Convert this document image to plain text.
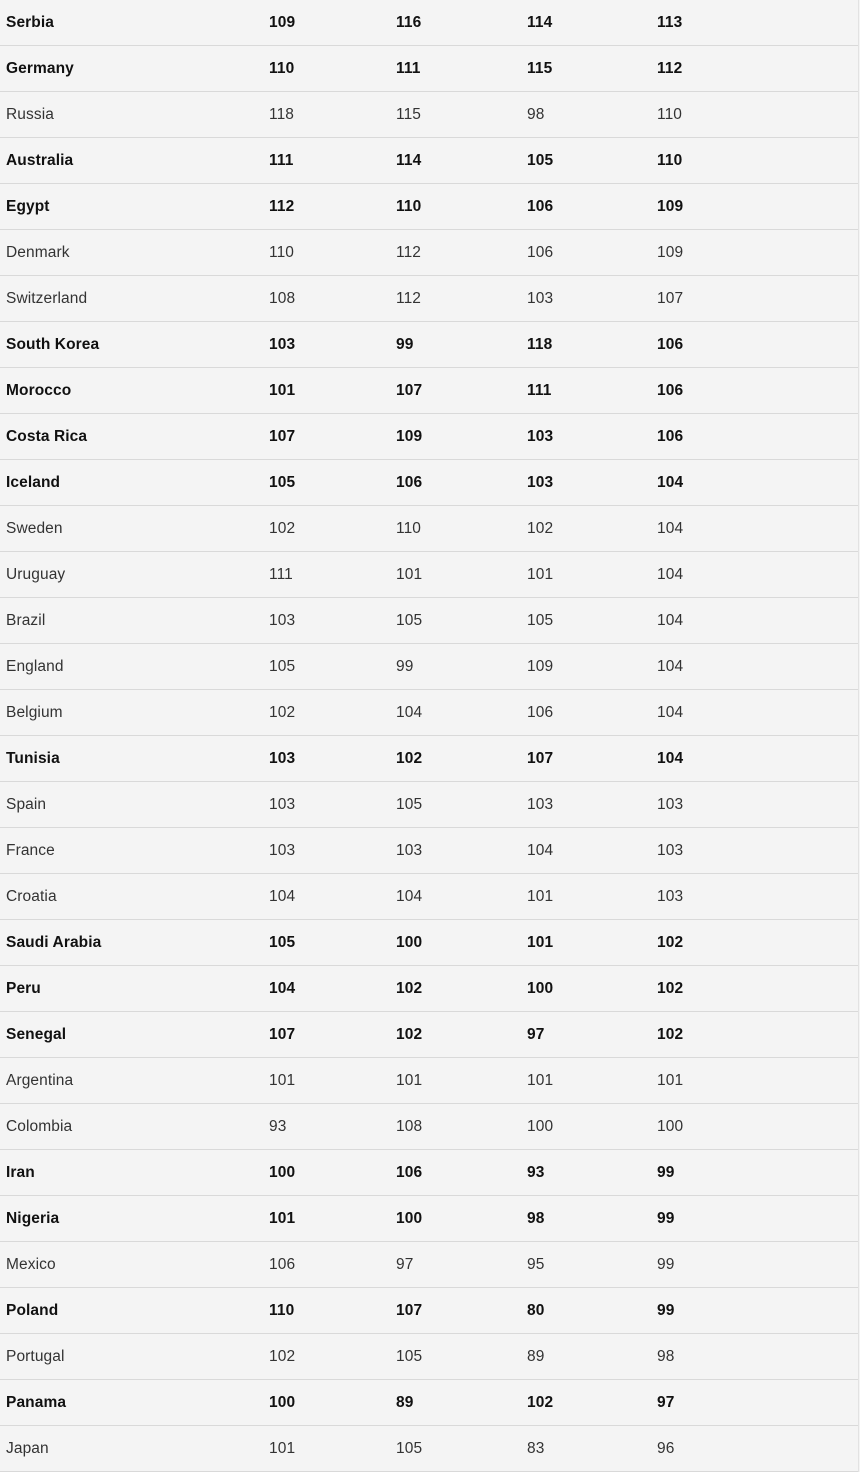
Serbia	109	116	114	113
Germany	110	111	115	112
Russia	118	115	98	110
Australia	111	114	105	110
Egypt	112	110	106	109
Denmark	110	112	106	109
Switzerland	108	112	103	107
South Korea	103	99	118	106
Morocco	101	107	111	106
Costa Rica	107	109	103	106
Iceland	105	106	103	104
Sweden	102	110	102	104
Uruguay	111	101	101	104
Brazil	103	105	105	104
England	105	99	109	104
Belgium	102	104	106	104
Tunisia	103	102	107	104
Spain	103	105	103	103
France	103	103	104	103
Croatia	104	104	101	103
Saudi Arabia	105	100	101	102
Peru	104	102	100	102
Senegal	107	102	97	102
Argentina	101	101	101	101
Colombia	93	108	100	100
Iran	100	106	93	99
Nigeria	101	100	98	99
Mexico	106	97	95	99
Poland	110	107	80	99
Portugal	102	105	89	98
Panama	100	89	102	97
Japan	101	105	83	96
